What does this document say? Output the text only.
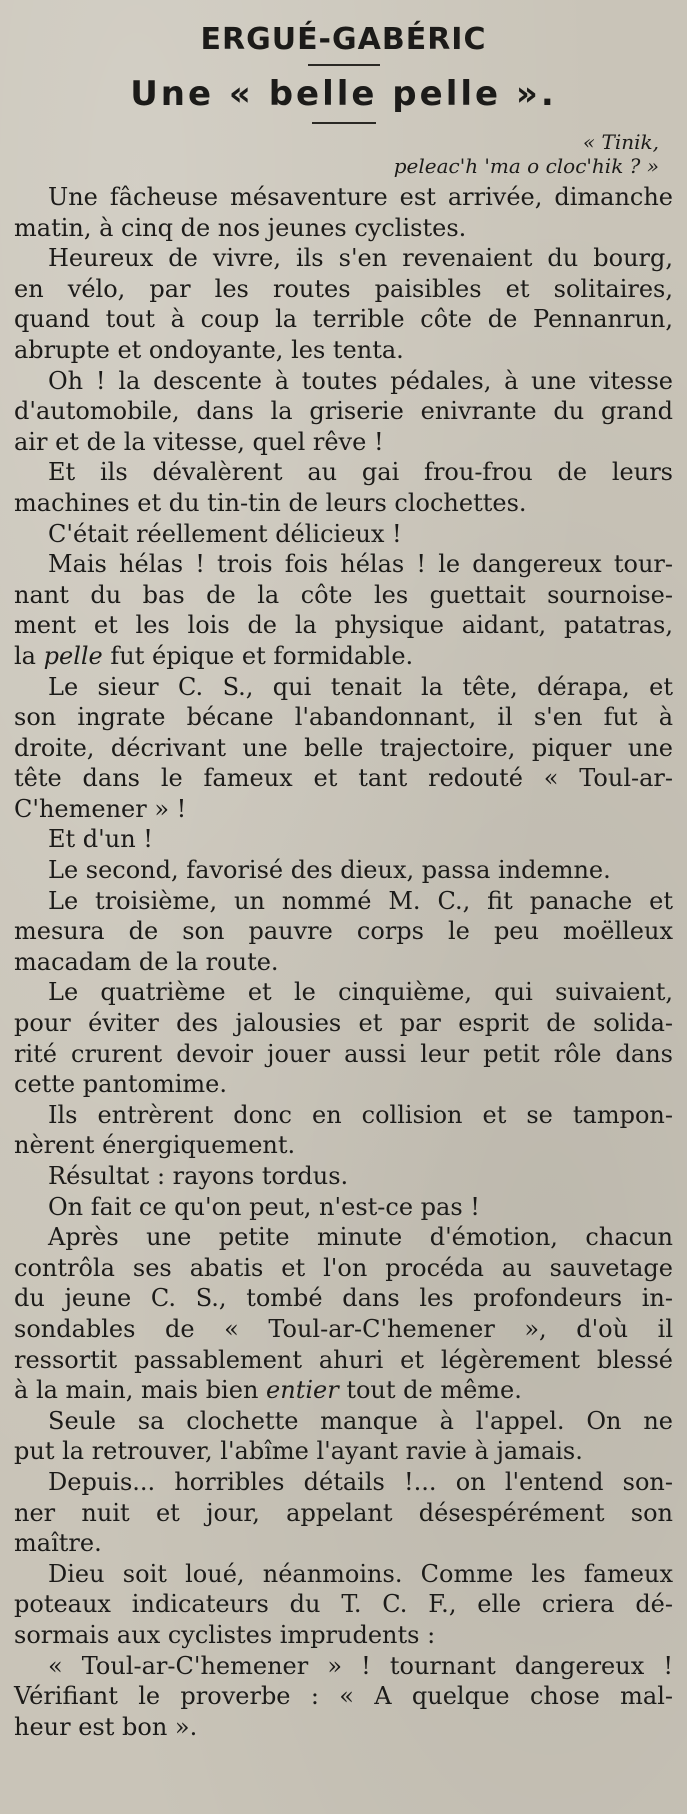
ERGUÉ-GABÉRIC
Une « belle pelle ».
« Tinik,
peleac'h 'ma o cloc'hik ? »

Une fâcheuse mésaventure est arrivée, dimanche
matin, à cinq de nos jeunes cyclistes.

Heureux de vivre, ils s'en revenaient du bourg,
en vélo, par les routes paisibles et solitaires,
quand tout à coup la terrible côte de Pennanrun,
abrupte et ondoyante, les tenta.

Oh ! la descente à toutes pédales, à une vitesse
d'automobile, dans la griserie enivrante du grand
air et de la vitesse, quel rêve !

Et ils dévalèrent au gai frou-frou de leurs
machines et du tin-tin de leurs clochettes.

C'était réellement délicieux !

Mais hélas ! trois fois hélas ! le dangereux tour-
nant du bas de la côte les guettait sournoise-
ment et les lois de la physique aidant, patatras,
la pelle fut épique et formidable.

Le sieur C. S., qui tenait la tête, dérapa, et
son ingrate bécane l'abandonnant, il s'en fut à
droite, décrivant une belle trajectoire, piquer une
tête dans le fameux et tant redouté « Toul-ar-
C'hemener » !

Et d'un !

Le second, favorisé des dieux, passa indemne.

Le troisième, un nommé M. C., fit panache et
mesura de son pauvre corps le peu moëlleux
macadam de la route.

Le quatrième et le cinquième, qui suivaient,
pour éviter des jalousies et par esprit de solida-
rité crurent devoir jouer aussi leur petit rôle dans
cette pantomime.

Ils entrèrent donc en collision et se tampon-
nèrent énergiquement.

Résultat : rayons tordus.

On fait ce qu'on peut, n'est-ce pas !

Après une petite minute d'émotion, chacun
contrôla ses abatis et l'on procéda au sauvetage
du jeune C. S., tombé dans les profondeurs in-
sondables de « Toul-ar-C'hemener », d'où il
ressortit passablement ahuri et légèrement blessé
à la main, mais bien entier tout de même.

Seule sa clochette manque à l'appel. On ne
put la retrouver, l'abîme l'ayant ravie à jamais.

Depuis... horribles détails !... on l'entend son-
ner nuit et jour, appelant désespérément son
maître.

Dieu soit loué, néanmoins. Comme les fameux
poteaux indicateurs du T. C. F., elle criera dé-
sormais aux cyclistes imprudents :

« Toul-ar-C'hemener » ! tournant dangereux !
Vérifiant le proverbe : « A quelque chose mal-
heur est bon ».
